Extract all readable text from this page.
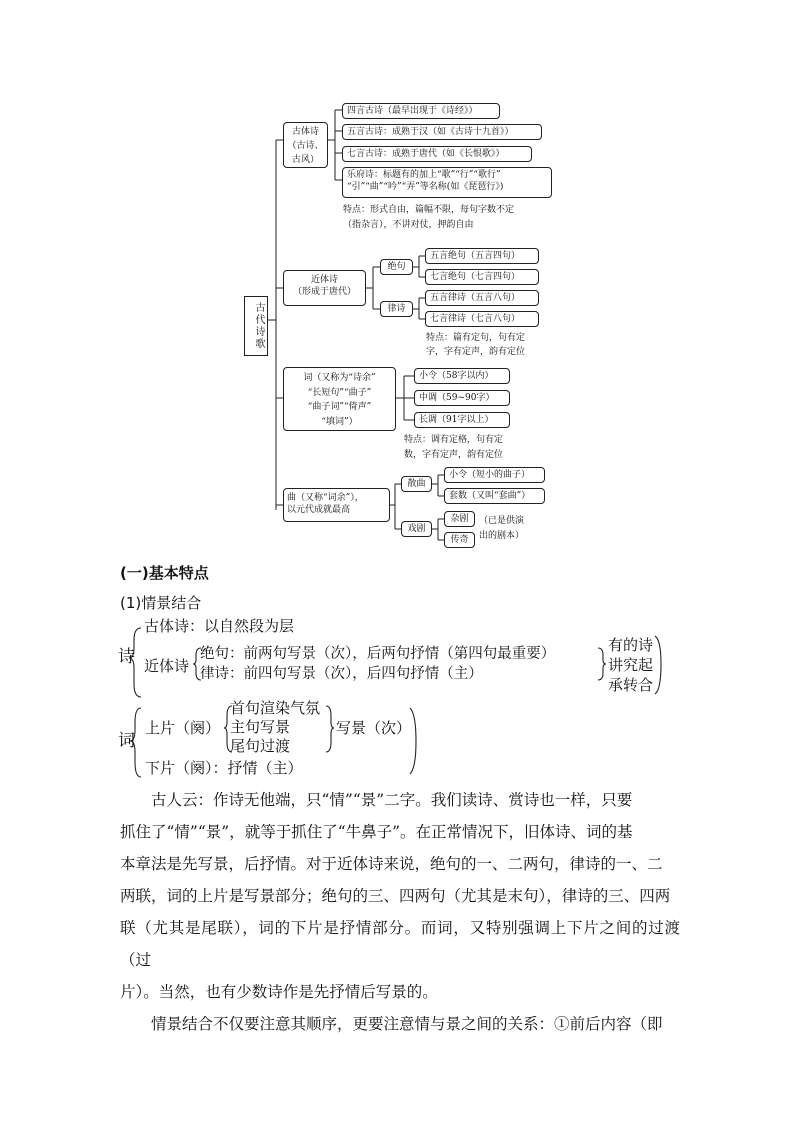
古代诗歌
古体诗（古诗、古风）
四言古诗（最早出现于《诗经》）
五言古诗：成熟于汉（如《古诗十九首》）
七言古诗：成熟于唐代（如《长恨歌》）
乐府诗：标题有的加上“歌”“行”“歌行”
“引”“曲”“吟”“弄”等名称(如《琵琶行》)
特点：形式自由，篇幅不限，每句字数不定
（指杂言），不讲对仗，押韵自由
近体诗
（形成于唐代）
绝句
律诗
五言绝句（五言四句）
七言绝句（七言四句）
五言律诗（五言八句）
七言律诗（七言八句）
特点：篇有定句，句有定
字，字有定声，韵有定位
词（又称为“诗余”
“长短句”“曲子”
“曲子词”“倚声”
“填词”）
小令（58字以内）
中调（59~90字）
长调（91字以上）
特点：调有定格，句有定
数，字有定声，韵有定位
曲（又称“词余”），
以元代成就最高
散曲
戏剧
小令（短小的曲子）
套数（又叫“套曲”）
杂剧
传奇
（已是供演
出的剧本）
(一)基本特点
(1)情景结合
诗
古体诗：以自然段为层
近体诗
绝句：前两句写景（次），后两句抒情（第四句最重要）
律诗：前四句写景（次），后四句抒情（主）
有的诗
讲究起
承转合
词
上片（阕）
首句渲染气氛
主句写景
尾句过渡
写景（次）
下片（阕）：抒情（主）
古人云：作诗无他端，只“情”“景”二字。我们读诗、赏诗也一样，只要
抓住了“情”“景”，就等于抓住了“牛鼻子”。在正常情况下，旧体诗、词的基
本章法是先写景，后抒情。对于近体诗来说，绝句的一、二两句，律诗的一、二
两联，词的上片是写景部分；绝句的三、四两句（尤其是末句），律诗的三、四两
联（尤其是尾联），词的下片是抒情部分。而词，又特别强调上下片之间的过渡（过
片）。当然，也有少数诗作是先抒情后写景的。
情景结合不仅要注意其顺序，更要注意情与景之间的关系：①前后内容（即
